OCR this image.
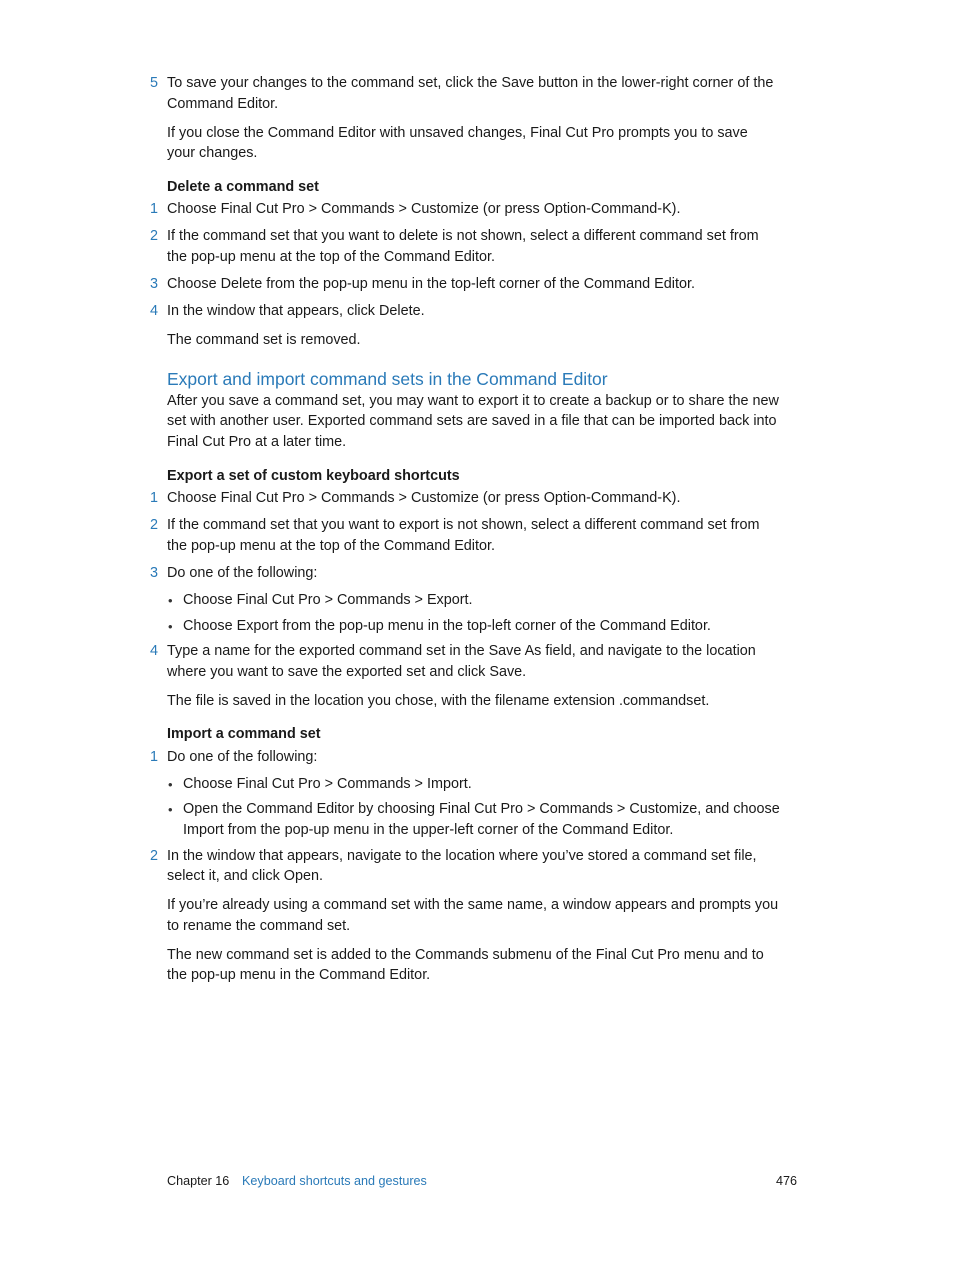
5 To save your changes to the command set, click the Save button in the lower-right corner of the
Command Editor.
If you close the Command Editor with unsaved changes, Final Cut Pro prompts you to save
your changes.
Delete a command set
1 Choose Final Cut Pro > Commands > Customize (or press Option-Command-K).
2 If the command set that you want to delete is not shown, select a different command set from
the pop-up menu at the top of the Command Editor.
3 Choose Delete from the pop-up menu in the top-left corner of the Command Editor.
4 In the window that appears, click Delete.
The command set is removed.
Export and import command sets in the Command Editor
After you save a command set, you may want to export it to create a backup or to share the new
set with another user. Exported command sets are saved in a file that can be imported back into
Final Cut Pro at a later time.
Export a set of custom keyboard shortcuts
1 Choose Final Cut Pro > Commands > Customize (or press Option-Command-K).
2 If the command set that you want to export is not shown, select a different command set from
the pop-up menu at the top of the Command Editor.
3 Do one of the following:
• Choose Final Cut Pro > Commands > Export.
• Choose Export from the pop-up menu in the top-left corner of the Command Editor.
4 Type a name for the exported command set in the Save As field, and navigate to the location
where you want to save the exported set and click Save.
The file is saved in the location you chose, with the filename extension .commandset.
Import a command set
1 Do one of the following:
• Choose Final Cut Pro > Commands > Import.
• Open the Command Editor by choosing Final Cut Pro > Commands > Customize, and choose
Import from the pop-up menu in the upper-left corner of the Command Editor.
2 In the window that appears, navigate to the location where you’ve stored a command set file,
select it, and click Open.
If you’re already using a command set with the same name, a window appears and prompts you
to rename the command set.
The new command set is added to the Commands submenu of the Final Cut Pro menu and to
the pop-up menu in the Command Editor.
Chapter 16 Keyboard shortcuts and gestures	476
